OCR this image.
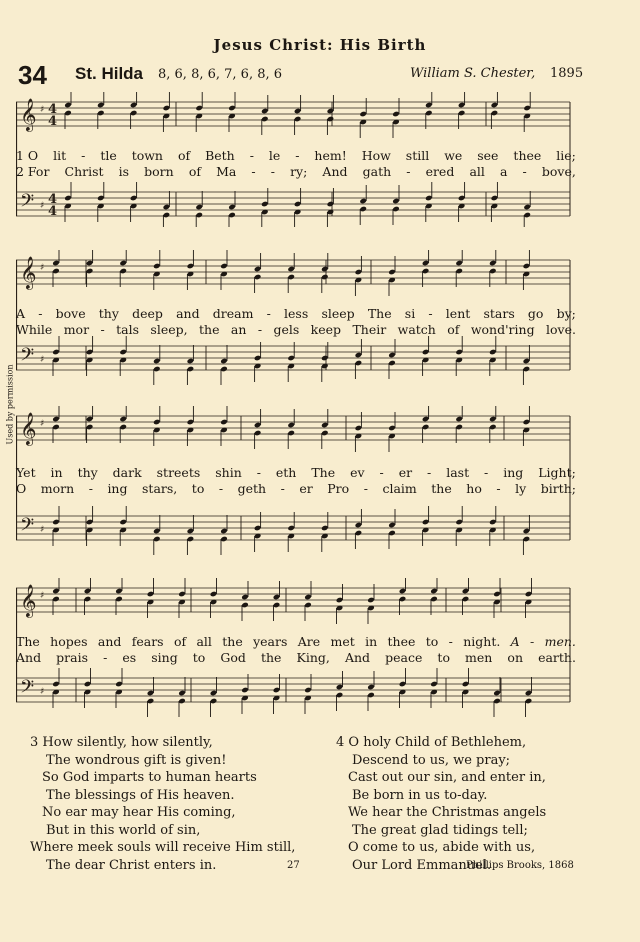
Jesus Christ: His Birth
34 St. Hilda 8, 6, 8, 6, 7, 6, 8, 6	William S. Chester, 1895
Used by permission
𝄞
𝄢
♯
♯
4
4
4
4
1 O lit - tle town of Beth - le - hem! How still we see thee lie;
2 For Christ is born of Ma - - ry; And gath - ered all a - bove,
𝄞
𝄢
♯
♯
A - bove thy deep and dream - less sleep The si - lent stars go by;
While mor - tals sleep, the an - gels keep Their watch of wond'ring love.
𝄞
𝄢
♯
♯
Yet in thy dark streets shin - eth The ev - er - last - ing Light;
O morn - ing stars, to - geth - er Pro - claim the ho - ly birth;
𝄞
𝄢
♯
♯
The hopes and fears of all the years Are met in thee to - night. A - men.
And prais - es sing to God the King, And peace to men on earth.
3 How silently, how silently,
The wondrous gift is given!
So God imparts to human hearts
The blessings of His heaven.
No ear may hear His coming,
But in this world of sin,
Where meek souls will receive Him still,
The dear Christ enters in.
4 O holy Child of Bethlehem,
Descend to us, we pray;
Cast out our sin, and enter in,
Be born in us to-day.
We hear the Christmas angels
The great glad tidings tell;
O come to us, abide with us,
Our Lord Emmanuel.
27	Phillips Brooks, 1868
